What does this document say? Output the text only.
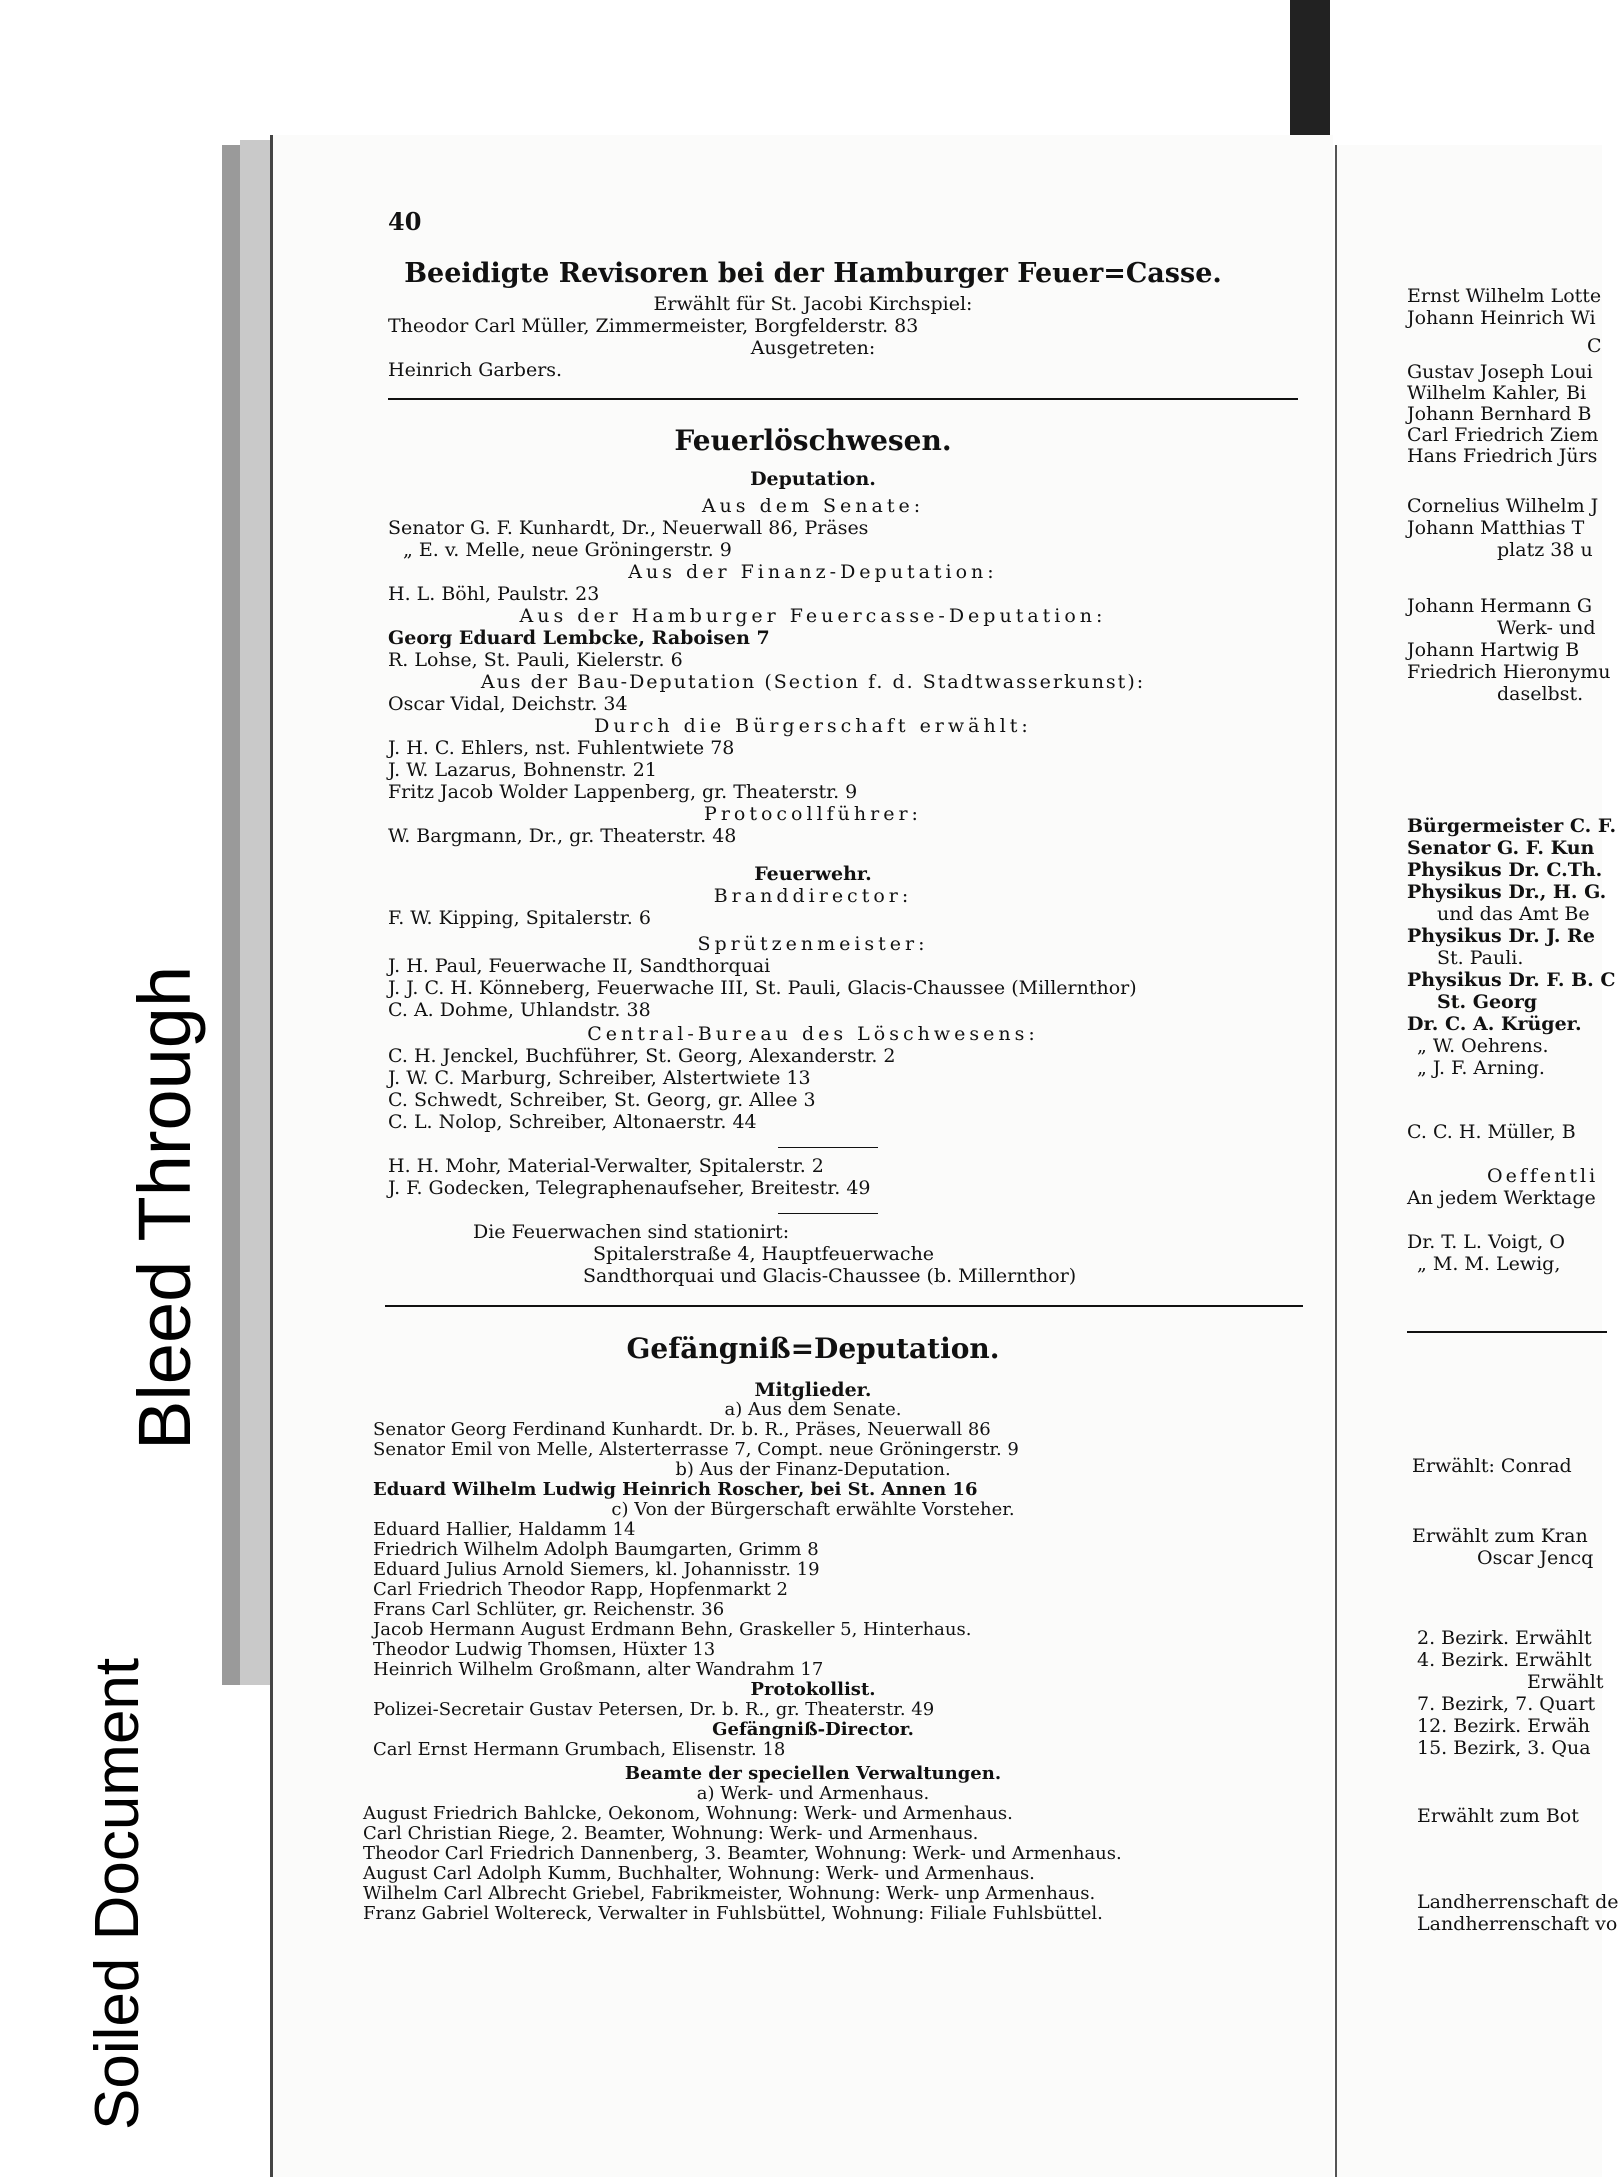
Bleed Through
Soiled Document
40
Beeidigte Revisoren bei der Hamburger Feuer=Casse.
Erwählt für St. Jacobi Kirchspiel:
Theodor Carl Müller, Zimmermeister, Borgfelderstr. 83
Ausgetreten:
Heinrich Garbers.
Feuerlöschwesen.
Deputation.
Aus dem Senate:
Senator G. F. Kunhardt, Dr., Neuerwall 86, Präses
„ E. v. Melle, neue Gröningerstr. 9
Aus der Finanz-Deputation:
H. L. Böhl, Paulstr. 23
Aus der Hamburger Feuercasse-Deputation:
Georg Eduard Lembcke, Raboisen 7
R. Lohse, St. Pauli, Kielerstr. 6
Aus der Bau-Deputation (Section f. d. Stadtwasserkunst):
Oscar Vidal, Deichstr. 34
Durch die Bürgerschaft erwählt:
J. H. C. Ehlers, nst. Fuhlentwiete 78
J. W. Lazarus, Bohnenstr. 21
Fritz Jacob Wolder Lappenberg, gr. Theaterstr. 9
Protocollführer:
W. Bargmann, Dr., gr. Theaterstr. 48
Feuerwehr.
Branddirector:
F. W. Kipping, Spitalerstr. 6
Sprützenmeister:
J. H. Paul, Feuerwache II, Sandthorquai
J. J. C. H. Könneberg, Feuerwache III, St. Pauli, Glacis-Chaussee (Millernthor)
C. A. Dohme, Uhlandstr. 38
Central-Bureau des Löschwesens:
C. H. Jenckel, Buchführer, St. Georg, Alexanderstr. 2
J. W. C. Marburg, Schreiber, Alstertwiete 13
C. Schwedt, Schreiber, St. Georg, gr. Allee 3
C. L. Nolop, Schreiber, Altonaerstr. 44
H. H. Mohr, Material-Verwalter, Spitalerstr. 2
J. F. Godecken, Telegraphenaufseher, Breitestr. 49
Die Feuerwachen sind stationirt:
Spitalerstraße 4, Hauptfeuerwache
Sandthorquai und Glacis-Chaussee (b. Millernthor)
Gefängniß=Deputation.
Mitglieder.
a) Aus dem Senate.
Senator Georg Ferdinand Kunhardt. Dr. b. R., Präses, Neuerwall 86
Senator Emil von Melle, Alsterterrasse 7, Compt. neue Gröningerstr. 9
b) Aus der Finanz-Deputation.
Eduard Wilhelm Ludwig Heinrich Roscher, bei St. Annen 16
c) Von der Bürgerschaft erwählte Vorsteher.
Eduard Hallier, Haldamm 14
Friedrich Wilhelm Adolph Baumgarten, Grimm 8
Eduard Julius Arnold Siemers, kl. Johannisstr. 19
Carl Friedrich Theodor Rapp, Hopfenmarkt 2
Frans Carl Schlüter, gr. Reichenstr. 36
Jacob Hermann August Erdmann Behn, Graskeller 5, Hinterhaus.
Theodor Ludwig Thomsen, Hüxter 13
Heinrich Wilhelm Großmann, alter Wandrahm 17
Protokollist.
Polizei-Secretair Gustav Petersen, Dr. b. R., gr. Theaterstr. 49
Gefängniß-Director.
Carl Ernst Hermann Grumbach, Elisenstr. 18
Beamte der speciellen Verwaltungen.
a) Werk- und Armenhaus.
August Friedrich Bahlcke, Oekonom, Wohnung: Werk- und Armenhaus.
Carl Christian Riege, 2. Beamter, Wohnung: Werk- und Armenhaus.
Theodor Carl Friedrich Dannenberg, 3. Beamter, Wohnung: Werk- und Armenhaus.
August Carl Adolph Kumm, Buchhalter, Wohnung: Werk- und Armenhaus.
Wilhelm Carl Albrecht Griebel, Fabrikmeister, Wohnung: Werk- unp Armenhaus.
Franz Gabriel Woltereck, Verwalter in Fuhlsbüttel, Wohnung: Filiale Fuhlsbüttel.
Ernst Wilhelm Lotte
Johann Heinrich Wi
C
Gustav Joseph Loui
Wilhelm Kahler, Bi
Johann Bernhard B
Carl Friedrich Ziem
Hans Friedrich Jürs
Cornelius Wilhelm J
Johann Matthias T
platz 38 u
Johann Hermann G
Werk- und
Johann Hartwig B
Friedrich Hieronymu
daselbst.
Bürgermeister C. F.
Senator G. F. Kun
Physikus Dr. C.Th.
Physikus Dr., H. G.
und das Amt Be
Physikus Dr. J. Re
St. Pauli.
Physikus Dr. F. B. C
St. Georg
Dr. C. A. Krüger.
„ W. Oehrens.
„ J. F. Arning.
C. C. H. Müller, B
Oeffentli
An jedem Werktage
Dr. T. L. Voigt, O
„ M. M. Lewig,
Erwählt: Conrad
Erwählt zum Kran
Oscar Jencq
2. Bezirk. Erwählt
4. Bezirk. Erwählt
Erwählt
7. Bezirk, 7. Quart
12. Bezirk. Erwäh
15. Bezirk, 3. Qua
Erwählt zum Bot
Landherrenschaft de
Landherrenschaft vo
